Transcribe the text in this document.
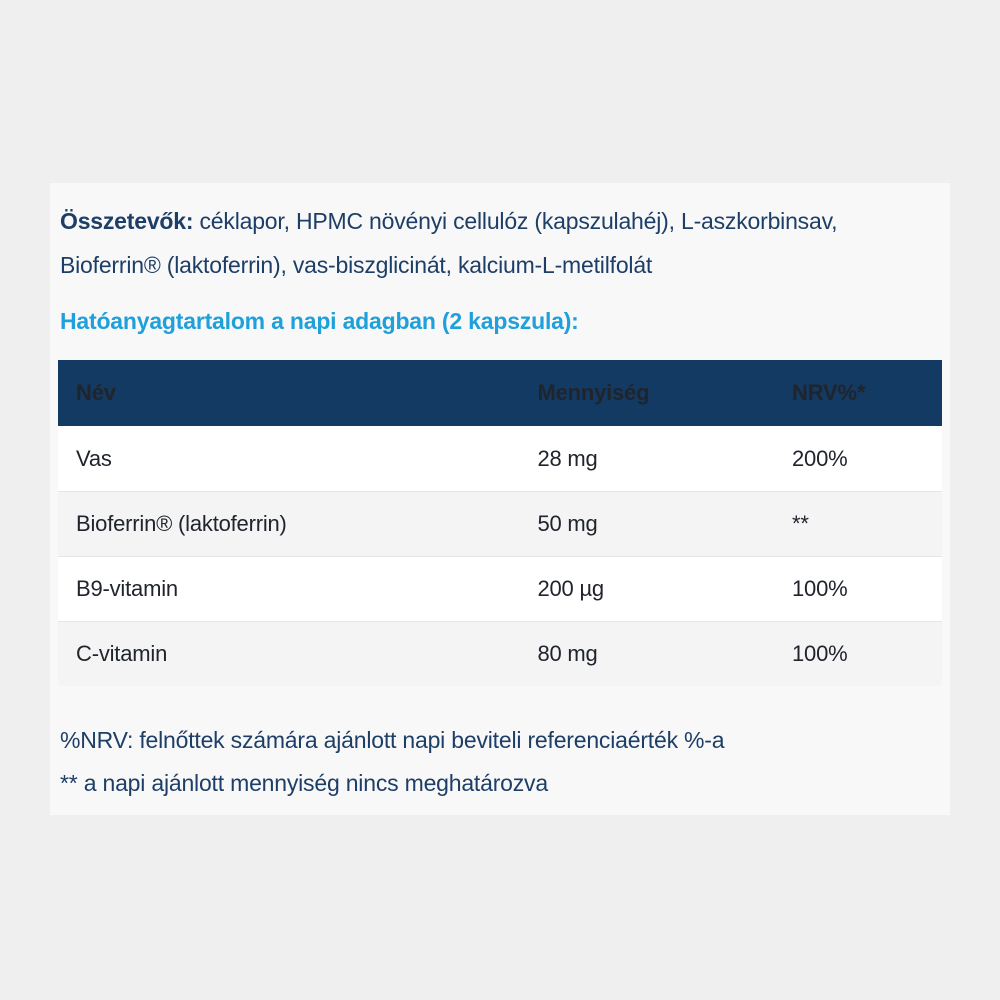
Összetevők: céklapor, HPMC növényi cellulóz (kapszulahéj), L-aszkorbinsav, Bioferrin® (laktoferrin), vas-biszglicinát, kalcium-L-metilfolát

Hatóanyagtartalom a napi adagban (2 kapszula):
Név	Mennyiség	NRV%*
Vas	28 mg	200%
Bioferrin® (laktoferrin)	50 mg	**
B9-vitamin	200 µg	100%
C-vitamin	80 mg	100%
%NRV: felnőttek számára ajánlott napi beviteli referenciaérték %-a
** a napi ajánlott mennyiség nincs meghatározva
